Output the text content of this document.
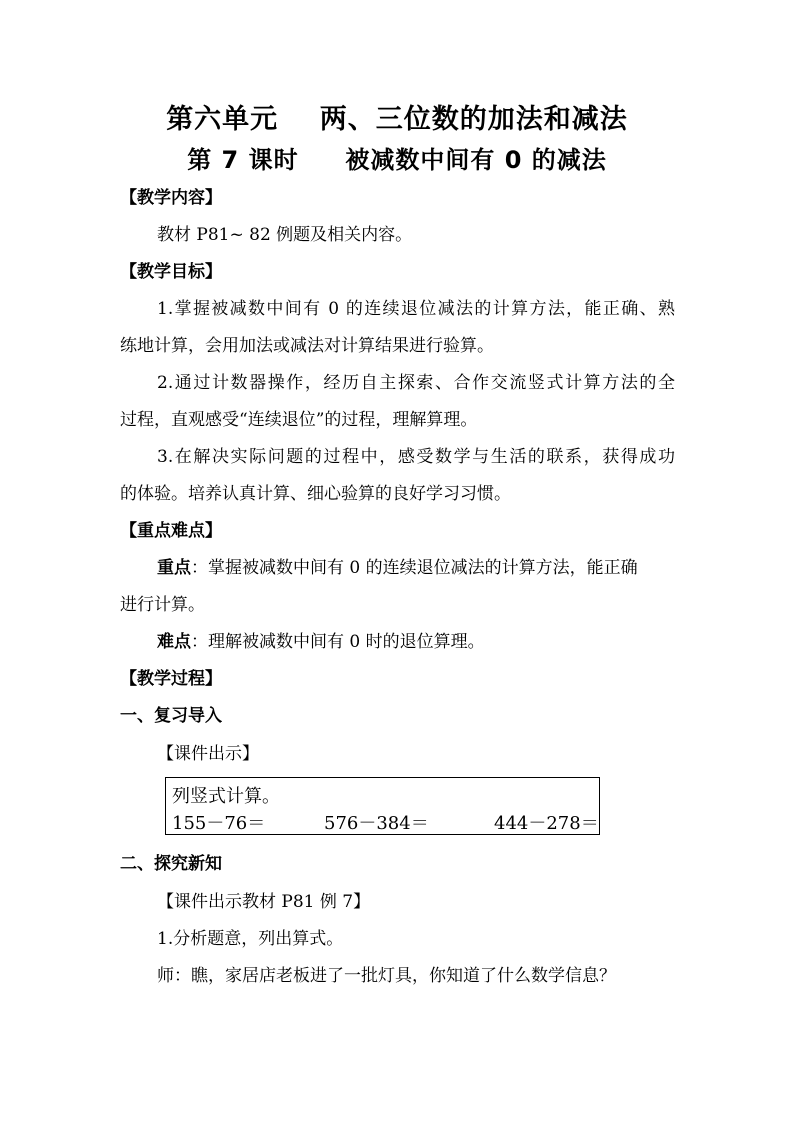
第六单元    两、三位数的加法和减法
第 7 课时     被减数中间有 0 的减法
【教学内容】
教材 P81~ 82 例题及相关内容。
【教学目标】
1.掌握被减数中间有 0 的连续退位减法的计算方法，能正确、熟
练地计算，会用加法或减法对计算结果进行验算。
2.通过计数器操作，经历自主探索、合作交流竖式计算方法的全
过程，直观感受“连续退位”的过程，理解算理。
3.在解决实际问题的过程中，感受数学与生活的联系，获得成功
的体验。培养认真计算、细心验算的良好学习习惯。
【重点难点】
重点：掌握被减数中间有 0 的连续退位减法的计算方法，能正确
进行计算。
难点：理解被减数中间有 0 时的退位算理。
【教学过程】
一、复习导入
【课件出示】
列竖式计算。
155－76＝	576－384＝	444－278＝
二、探究新知
【课件出示教材 P81 例 7】
1.分析题意，列出算式。
师：瞧，家居店老板进了一批灯具，你知道了什么数学信息？
